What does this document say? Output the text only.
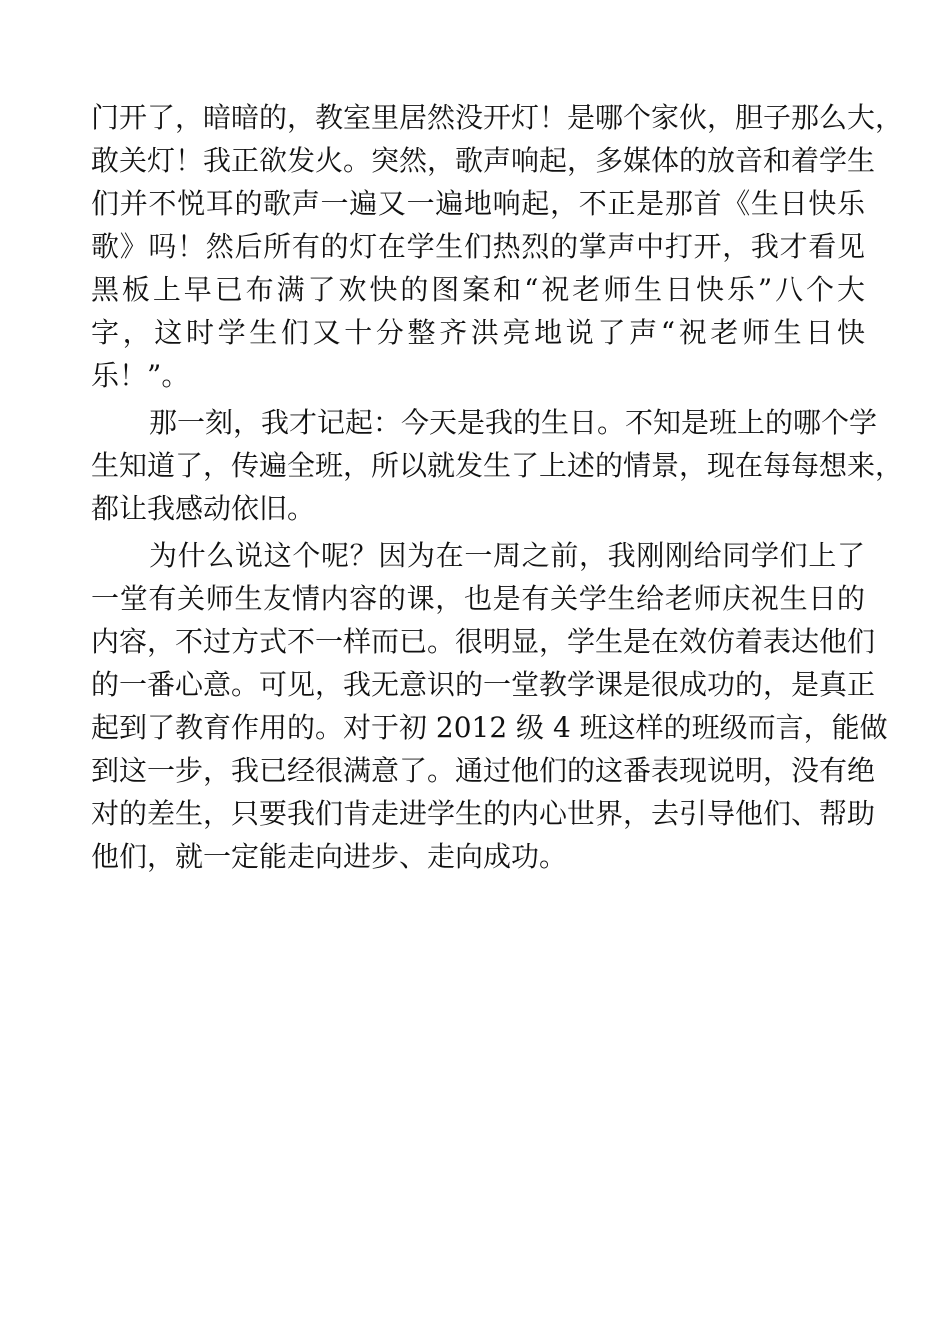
门开了，暗暗的，教室里居然没开灯！是哪个家伙，胆子那么大，
敢关灯！我正欲发火。突然，歌声响起，多媒体的放音和着学生
们并不悦耳的歌声一遍又一遍地响起，不正是那首《生日快乐
歌》吗！然后所有的灯在学生们热烈的掌声中打开，我才看见
黑板上早已布满了欢快的图案和“祝老师生日快乐”八个大
字，这时学生们又十分整齐洪亮地说了声“祝老师生日快
乐！”。

那一刻，我才记起：今天是我的生日。不知是班上的哪个学
生知道了，传遍全班，所以就发生了上述的情景，现在每每想来，
都让我感动依旧。

为什么说这个呢？因为在一周之前，我刚刚给同学们上了
一堂有关师生友情内容的课，也是有关学生给老师庆祝生日的
内容，不过方式不一样而已。很明显，学生是在效仿着表达他们
的一番心意。可见，我无意识的一堂教学课是很成功的，是真正
起到了教育作用的。对于初 2012 级 4 班这样的班级而言，能做
到这一步，我已经很满意了。通过他们的这番表现说明，没有绝
对的差生，只要我们肯走进学生的内心世界，去引导他们、帮助
他们，就一定能走向进步、走向成功。
